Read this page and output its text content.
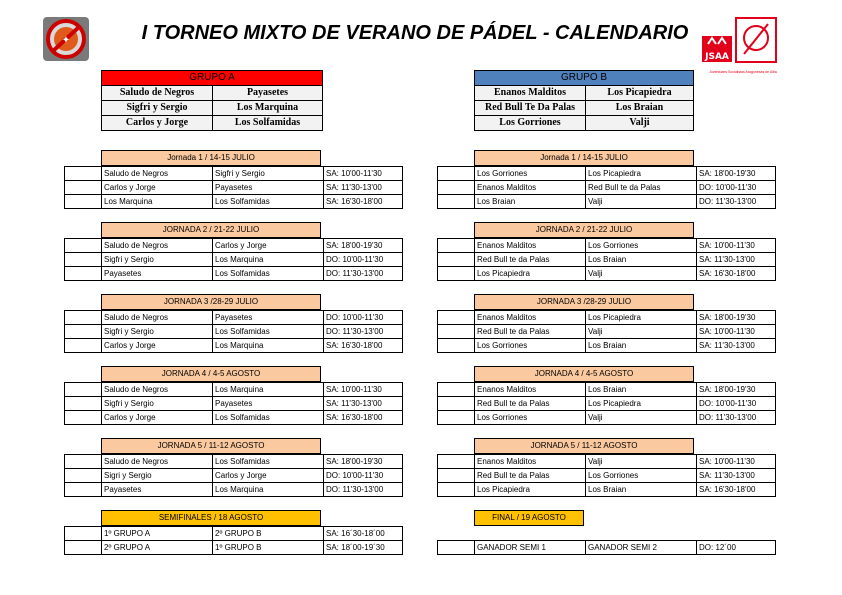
✦	I TORNEO MIXTO DE VERANO DE PÁDEL - CALENDARIO
JSAA
Juventudes Socialistas Aragonesas de Alba
GRUPO A	
Saludo de Negros	Payasetes
Sigfri y Sergio	Los Marquina
Carlos y Jorge	Los Solfamidas
GRUPO B	
Enanos Malditos	Los Picapiedra
Red Bull Te Da Palas	Los Braian
Los Gorriones	Valji
Jornada 1 / 14-15 JULIO
	Saludo de Negros	Sigfri y Sergio	SA: 10'00-11'30
	Carlos y Jorge	Payasetes	SA: 11'30-13'00
	Los Marquina	Los Solfamidas	SA: 16'30-18'00
JORNADA 2 / 21-22 JULIO
	Saludo de Negros	Carlos y Jorge	SA: 18'00-19'30
	Sigfri y Sergio	Los Marquina	DO: 10'00-11'30
	Payasetes	Los Solfamidas	DO: 11'30-13'00
JORNADA 3 /28-29 JULIO
	Saludo de Negros	Payasetes	DO: 10'00-11'30
	Sigfri y Sergio	Los Solfamidas	DO: 11'30-13'00
	Carlos y Jorge	Los Marquina	SA: 16'30-18'00
JORNADA 4 / 4-5 AGOSTO
	Saludo de Negros	Los Marquina	SA: 10'00-11'30
	Sigfri y Sergio	Payasetes	SA: 11'30-13'00
	Carlos y Jorge	Los Solfamidas	SA: 16'30-18'00
JORNADA 5 / 11-12 AGOSTO
	Saludo de Negros	Los Solfamidas	SA: 18'00-19'30
	Sigri y Sergio	Carlos y Jorge	DO: 10'00-11'30
	Payasetes	Los Marquina	DO: 11'30-13'00
Jornada 1 / 14-15 JULIO
	Los Gorriones	Los Picapiedra	SA: 18'00-19'30
	Enanos Malditos	Red Bull te da Palas	DO: 10'00-11'30
	Los Braian	Valji	DO: 11'30-13'00
JORNADA 2 / 21-22 JULIO
	Enanos Malditos	Los Gorriones	SA: 10'00-11'30
	Red Bull te da Palas	Los Braian	SA: 11'30-13'00
	Los Picapiedra	Valji	SA: 16'30-18'00
JORNADA 3 /28-29 JULIO
	Enanos Malditos	Los Picapiedra	SA: 18'00-19'30
	Red Bull te da Palas	Valji	SA: 10'00-11'30
	Los Gorriones	Los Braian	SA: 11'30-13'00
JORNADA 4 / 4-5 AGOSTO
	Enanos Malditos	Los Braian	SA: 18'00-19'30
	Red Bull te da Palas	Los Picapiedra	DO: 10'00-11'30
	Los Gorriones	Valji	DO: 11'30-13'00
JORNADA 5 / 11-12 AGOSTO
	Enanos Malditos	Valji	SA: 10'00-11'30
	Red Bull te da Palas	Los Gorriones	SA: 11'30-13'00
	Los Picapiedra	Los Braian	SA: 16'30-18'00
SEMIFINALES / 18 AGOSTO
1º GRUPO A	2º GRUPO B	SA: 16´30-18´00
2º GRUPO A	1º GRUPO B	SA: 18´00-19´30
FINAL / 19 AGOSTO
	GANADOR SEMI 1	GANADOR SEMI 2	DO: 12´00
